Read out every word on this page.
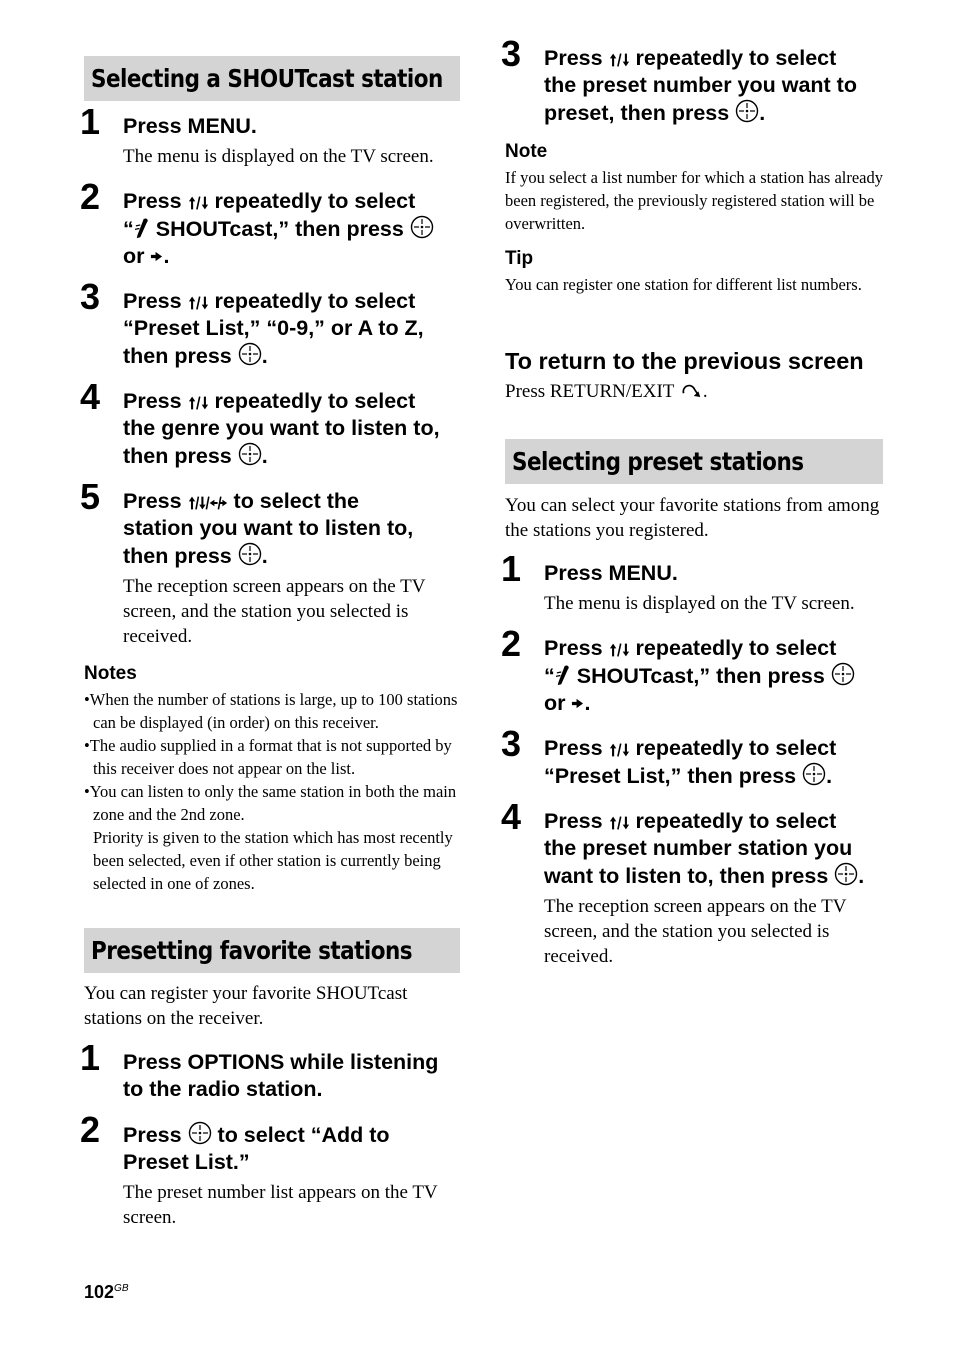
Selecting a SHOUTcast station
1 Press MENU.
The menu is displayed on the TV screen.
2 Press  repeatedly to select
“ SHOUTcast,” then press
or .
3 Press  repeatedly to select
“Preset List,” “0-9,” or A to Z,
then press .
4 Press  repeatedly to select
the genre you want to listen to,
then press .
5 Press  to select the
station you want to listen to,
then press .
The reception screen appears on the TV screen, and the station you selected is received.
Notes
•When the number of stations is large, up to 100 stations can be displayed (in order) on this receiver.
•The audio supplied in a format that is not supported by this receiver does not appear on the list.
•You can listen to only the same station in both the main zone and the 2nd zone.
Priority is given to the station which has most recently been selected, even if other station is currently being selected in one of zones.
Presetting favorite stations
You can register your favorite SHOUTcast stations on the receiver.
1 Press OPTIONS while listening
to the radio station.
2 Press  to select “Add to
Preset List.”
The preset number list appears on the TV screen.
3 Press  repeatedly to select
the preset number you want to
preset, then press .
Note
If you select a list number for which a station has already been registered, the previously registered station will be overwritten.
Tip
You can register one station for different list numbers.
To return to the previous screen
Press RETURN/EXIT .
Selecting preset stations
You can select your favorite stations from among the stations you registered.
1 Press MENU.
The menu is displayed on the TV screen.
2 Press  repeatedly to select
“ SHOUTcast,” then press
or .
3 Press  repeatedly to select
“Preset List,” then press .
4 Press  repeatedly to select
the preset number station you
want to listen to, then press .
The reception screen appears on the TV screen, and the station you selected is received.
$102^{GB}$
